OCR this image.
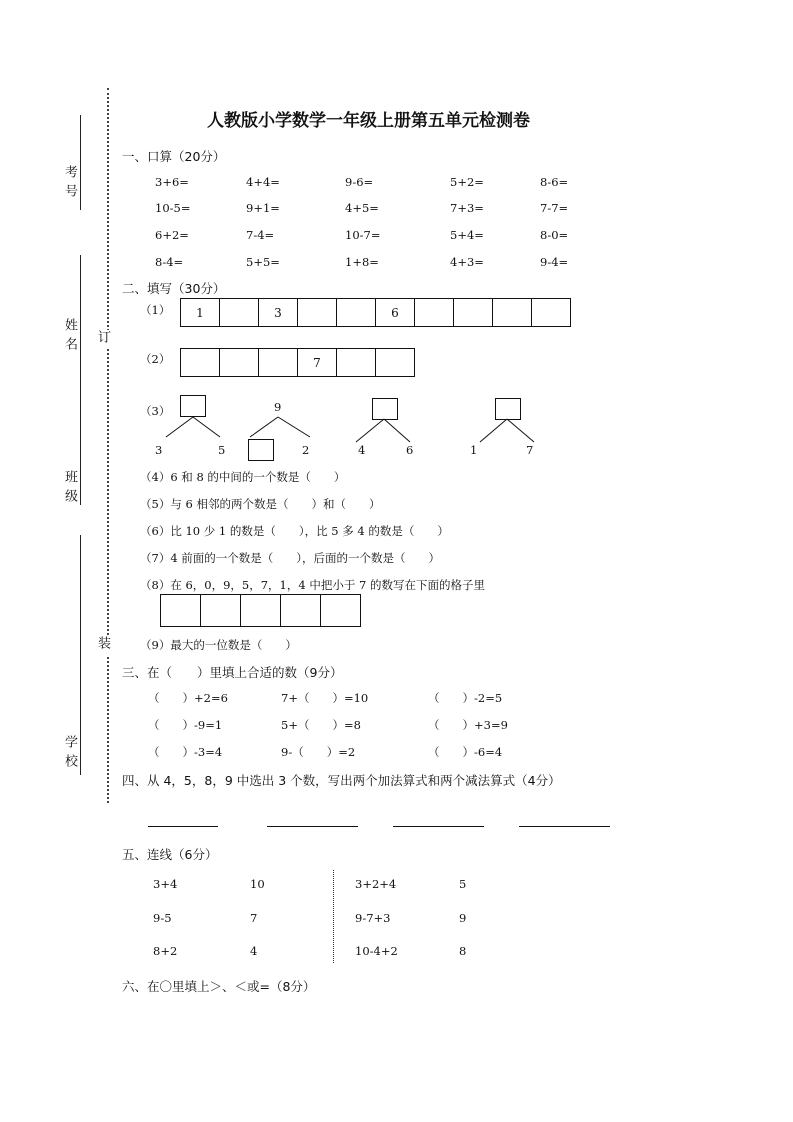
考号
姓名
班级
学校
订
装
人教版小学数学一年级上册第五单元检测卷
一、口算（20分）
3+6=	4+4=	9-6=	5+2=	8-6=
10-5=	9+1=	4+5=	7+3=	7-7=
6+2=	7-4=	10-7=	5+4=	8-0=
8-4=	5+5=	1+8=	4+3=	9-4=
二、填写（30分）
（1）	1	3	6
（2）	7
（3）
3	5
9
2	4	6	1	7
（4）6 和 8 的中间的一个数是（　　）
（5）与 6 相邻的两个数是（　　）和（　　）
（6）比 10 少 1 的数是（　　），比 5 多 4 的数是（　　）
（7）4 前面的一个数是（　　），后面的一个数是（　　）
（8）在 6，0，9，5，7，1，4 中把小于 7 的数写在下面的格子里
（9）最大的一位数是（　　）
三、在（　　）里填上合适的数（9分）
（　　）+2=6	7+（　　）=10	（　　）-2=5
（　　）-9=1	5+（　　）=8	（　　）+3=9
（　　）-3=4	9-（　　）=2	（　　）-6=4
四、从 4，5，8，9 中选出 3 个数，写出两个加法算式和两个减法算式（4分）
五、连线（6分）
3+4	10
9-5	7
8+2	4
3+2+4	5
9-7+3	9
10-4+2	8
六、在〇里填上＞、＜或=（8分）
